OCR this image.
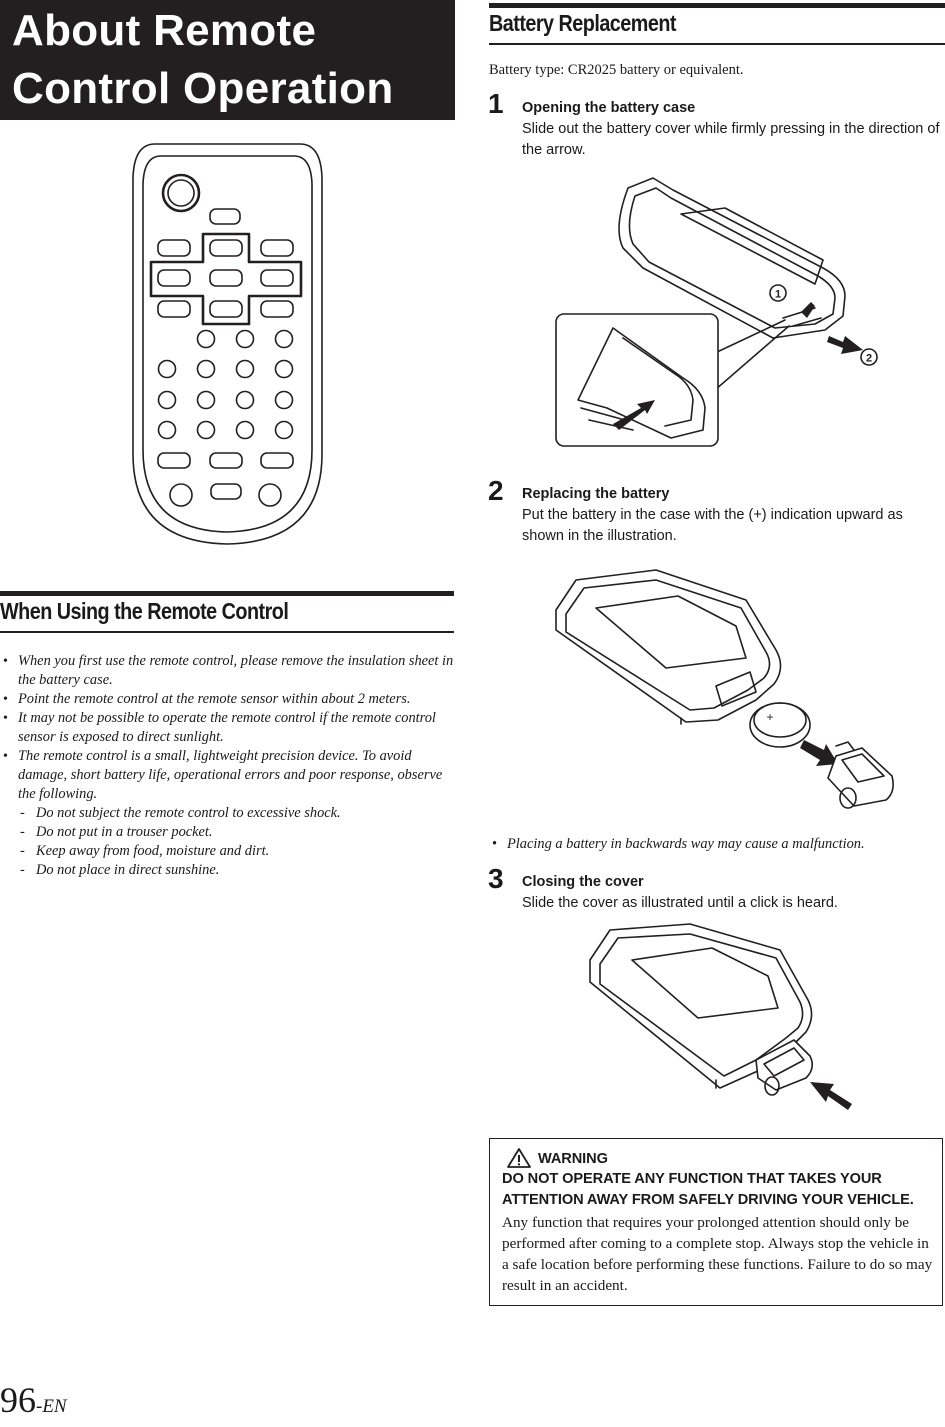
About Remote
Control Operation
When Using the Remote Control
• When you first use the remote control, please remove the insulation sheet in the battery case.
• Point the remote control at the remote sensor within about 2 meters.
• It may not be possible to operate the remote control if the remote control sensor is exposed to direct sunlight.
• The remote control is a small, lightweight precision device. To avoid damage, short battery life, operational errors and poor response, observe the following.
- Do not subject the remote control to excessive shock.
- Do not put in a trouser pocket.
- Keep away from food, moisture and dirt.
- Do not place in direct sunshine.
Battery Replacement
Battery type: CR2025 battery or equivalent.
1 Opening the battery case
Slide out the battery cover while firmly pressing in the direction of the arrow.
1
2
2 Replacing the battery
Put the battery in the case with the (+) indication upward as shown in the illustration.
+
• Placing a battery in backwards way may cause a malfunction.
3 Closing the cover
Slide the cover as illustrated until a click is heard.
WARNING
DO NOT OPERATE ANY FUNCTION THAT TAKES YOUR ATTENTION AWAY FROM SAFELY DRIVING YOUR VEHICLE.
Any function that requires your prolonged attention should only be performed after coming to a complete stop. Always stop the vehicle in a safe location before performing these functions. Failure to do so may result in an accident.
96-EN
